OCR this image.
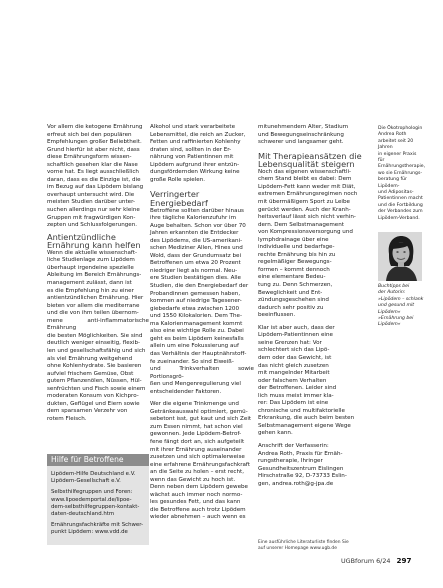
Vor allem die ketogene Ernährung
erfreut sich bei den populären
Empfehlungen großer Beliebtheit.
Grund hierfür ist aber nicht, dass
diese Ernährungsform wissen-
schaftlich gesehen klar die Nase
vorne hat. Es liegt ausschließlich
daran, dass es die Einzige ist, die
im Bezug auf das Lipödem bislang
overhaupt untersucht wird. Die
meisten Studien darüber unter-
suchen allerdings nur sehr kleine
Gruppen mit fragwürdigen Kon-
zepten und Schlussfolgerungen.

Antientzündliche
Ernährung kann helfen

Wenn die aktuelle wissenschaft-
liche Studienlage zum Lipödem
überhaupt irgendeine spezielle
Ableitung im Bereich Ernährungs-
management zulässt, dann ist
es die Empfehlung hin zu einer
antientzündlichen Ernährung. Hier
bieten vor allem die mediterrane
und die von ihm teilen übernom-
mene anti-inflammatorische Ernährung
die besten Möglichkeiten. Sie sind
deutlich weniger einseitig, flexib-
len und gesellschaftsfähig und sich
als viel Ernährung weitgehend
ohne Kohlenhydrate. Sie basieren
aufviel frischem Gemüse, Obst
gutem Pflanzenölen, Nüssen, Hül-
senfrüchten und Fisch sowie einem
moderaten Konsum von Kichpro-
dukten, Geflügel und Eiern sowie
dem sparsamen Verzehr von
rotem Fleisch.

Hilfe für Betroffene

Lipödem-Hilfe Deutschland e.V.
Lipödem-Gesellschaft e.V.

Selbsthilfegruppen und Foren:
www.lipoedemportal.de/lipoe-
dem-selbsthilfegruppen-kontakt-
daten-deutschland.htm

Ernährungsfachkräfte mit Schwer-
punkt Lipödem: www.vdd.de

Alkohol und stark verarbeitete
Lebensmittel, die reich an Zucker,
Fetten und raffinierten Kohlenhy
draten sind, sollten in der Er-
nährung von Patientinnen mit
Lipödem aufgrund ihrer entzün-
dungsfördernden Wirkung keine
große Rolle spielen.

Verringerter
Energiebedarf

Betroffene sollten darüber hinaus
ihre tägliche Kalorienzufuhr im
Auge behalten. Schon vor über 70
Jahren erkannten die Entdecker
des Lipödems, die US-amerikani-
schen Mediziner Allen, Hines und
Wold, dass der Grundumsatz bei
Betroffenen um etwa 20 Prozent
niedriger liegt als normal. Neu-
ere Studien bestätigen dies. Alle
Studien, die den Energiebedarf der
Probandinnen gemessen haben,
kommen auf niedrige Tagesener-
giebedarfe etwa zwischen 1200
und 1550 Kilokalorien. Dem The-
ma Kalorienmanagement kommt
also eine wichtige Rolle zu. Dabei
geht es beim Lipödem keinesfalls
allein um eine Fokussierung auf
das Verhältnis der Hauptnährstoff-
fe zueinander. So sind Eiweiß-
und Trinkverhalten sowie Portionsgrö-
ßen und Mengenregulierung viel
entscheidender Faktoren.

Wer die eigene Trinkmenge und
Getränkeauswahl optimiert, gemü-
sebetont isst, gut kaut und sich Zeit
zum Essen nimmt, hat schon viel
gewonnen. Jede Lipödem-Betrof-
fene fängt dort an, sich aufgeteilt
mit ihrer Ernährung auseinander
zusetzen und sich optimalerweise
eine erfahrene Ernährungsfachkraft
an die Seite zu holen – erst recht,
wenn das Gewicht zu hoch ist.
Denn neben dem Lipödem gewebe
wächst auch immer noch normo-
les gesundes Fett, und das kann
die Betroffene auch trotz Lipödem
wieder abnehmen – auch wenn es

mitunehmendem Alter, Stadium
und Bewegungseinschränkung
schwerer und langsamer geht.

Mit Therapieansätzen die
Lebensqualität steigern

Noch das eigenen wissenschaftli-
chem Stand bleibt es dabei: Dem
Lipödem-Fett kann weder mit Diät,
extremen Ernährungsregimen noch
mit übermäßigem Sport zu Leibe
gerückt werden. Auch der Kranh-
heitsverlauf lässt sich nicht verhin-
dern. Dem Selbstmanagement
von Kompressionsversorgung und
lymphdrainage über eine
individuelle und bedarfsge-
rechte Ernährung bis hin zu
regelmäßiger Bewegungs-
formen – kommt dennoch
eine elementare Bedeu-
tung zu. Denn Schmerzen,
Beweglichkeit und Ent-
zündungsgeschehen sind
dadurch sehr positiv zu
beeinflussen.

Klar ist aber auch, dass der
Lipödem-Patientinnen eine
seine Grenzen hat: Vor
schlechtert sich das Lipö-
dem oder das Gewicht, ist
das nicht gleich zusetzen
mit mangelnder Mitarbeit
oder falschem Verhalten
der Betroffenen. Leider sind
lich muss meist immer kla-
rer: Das Lipödem ist eine
chronische und multifaktorielle
Erkrankung, die auch beim besten
Selbstmanagement eigene Wege
gehen kann.

Anschrift der Verfasserin:
Andrea Roth, Praxis für Ernäh-
rungstherapie, Ihringer
Gesundheitszentrum Eislingen
Hirschstraße 92, D-73733 Eslin-
gen, andrea.roth@g-jpa.de

Die Ökotrophologin
Andrea Roth
arbeitet seit 20 Jahren
in eigener Praxis für
Ernährungstherapie,
wo sie Ernährungs-
beratung für Lipödem-
und Adipositas-
Patientinnen macht
und die Fortbildung
der Verbandes zum
Lipödem-Verband.

Buchtipps bei
der Autorin:
»Lipödem – schlank
und gesund mit
Lipödem«
»Ernährung bei
Lipödem«

Eine ausführliche Literaturliste finden Sie
auf unserer Homepage www.ugb.de
UGBforum 6/24 297
